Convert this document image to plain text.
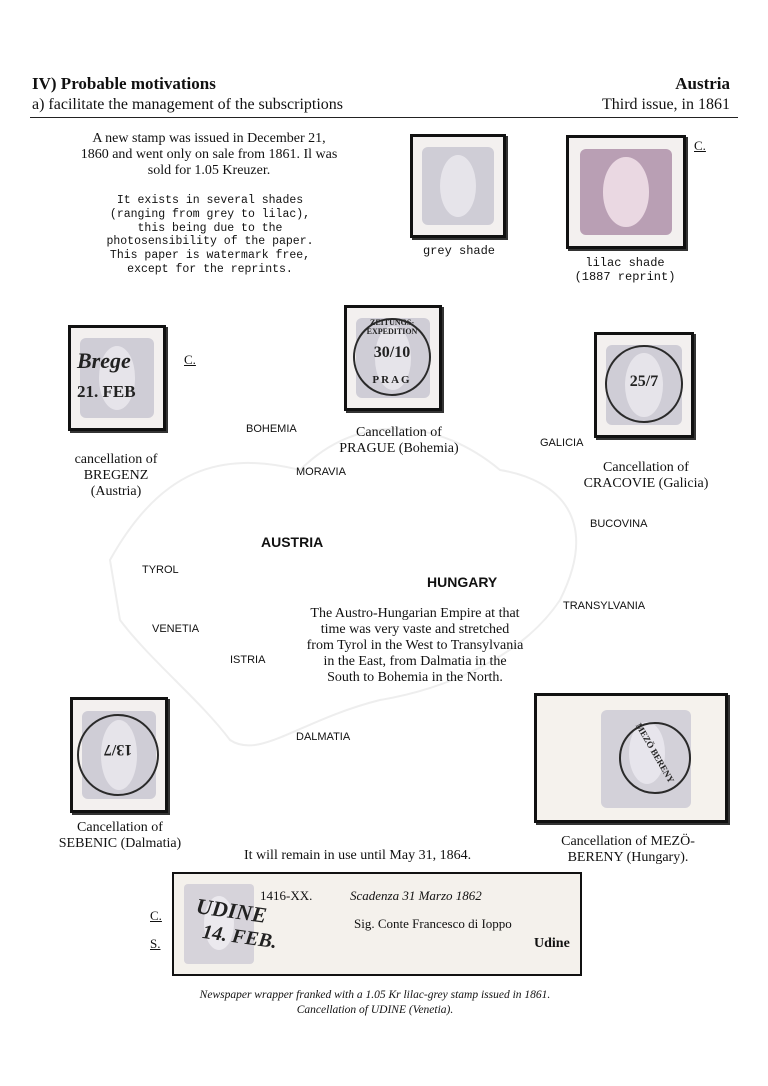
IV) Probable motivations
a) facilitate the management of the subscriptions
Austria
Third issue, in 1861
A new stamp was issued in December 21, 1860 and went only on sale from 1861. Il was sold for 1.05 Kreuzer.
It exists in several shades
(ranging from grey to lilac),
this being due to the
photosensibility of the paper.
This paper is watermark free,
except for the reprints.
grey shade
C.
lilac shade
(1887 reprint)
Brege
21. FEB
C.
cancellation of
BREGENZ
(Austria)
ZEITUNGS-EXPEDITION
30/10
PRAG
Cancellation of
PRAGUE (Bohemia)
25/7
Cancellation of
CRACOVIE (Galicia)
BOHEMIA
MORAVIA
GALICIA
BUCOVINA
AUSTRIA
HUNGARY
TYROL
VENETIA
ISTRIA
TRANSYLVANIA
DALMATIA
The Austro-Hungarian Empire at that time was very vaste and stretched from Tyrol in the West to Transylvania in the East, from Dalmatia in the South to Bohemia in the North.
13/7
Cancellation of
SEBENIC (Dalmatia)
MEZÖ BERENY
Cancellation of MEZÖ-
BERENY (Hungary).
It will remain in use until May 31, 1864.
C.
S.
UDINE
14. FEB.
1416-XX.	Scadenza 31 Marzo 1862
Sig. Conte Francesco di Ioppo
Udine
Newspaper wrapper franked with a 1.05 Kr lilac-grey stamp issued in 1861.
Cancellation of UDINE (Venetia).
